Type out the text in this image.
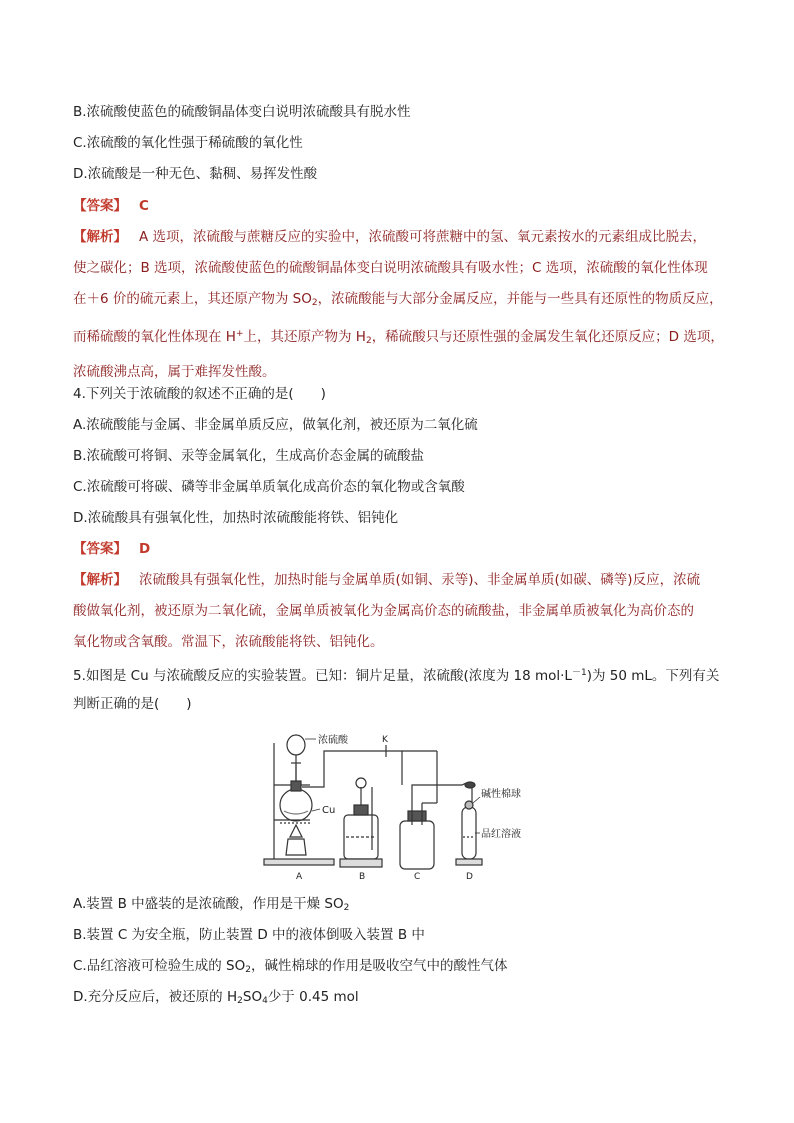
B.浓硫酸使蓝色的硫酸铜晶体变白说明浓硫酸具有脱水性
C.浓硫酸的氧化性强于稀硫酸的氧化性
D.浓硫酸是一种无色、黏稠、易挥发性酸
【答案】 C
【解析】 A 选项，浓硫酸与蔗糖反应的实验中，浓硫酸可将蔗糖中的氢、氧元素按水的元素组成比脱去，
使之碳化；B 选项，浓硫酸使蓝色的硫酸铜晶体变白说明浓硫酸具有吸水性；C 选项，浓硫酸的氧化性体现
在＋6 价的硫元素上，其还原产物为 $SO_2$，浓硫酸能与大部分金属反应，并能与一些具有还原性的物质反应，
而稀硫酸的氧化性体现在 H+上，其还原产物为 $H_2$，稀硫酸只与还原性强的金属发生氧化还原反应；D 选项，
浓硫酸沸点高，属于难挥发性酸。
4.下列关于浓硫酸的叙述不正确的是(　　)
A.浓硫酸能与金属、非金属单质反应，做氧化剂，被还原为二氧化硫
B.浓硫酸可将铜、汞等金属氧化，生成高价态金属的硫酸盐
C.浓硫酸可将碳、磷等非金属单质氧化成高价态的氧化物或含氧酸
D.浓硫酸具有强氧化性，加热时浓硫酸能将铁、铝钝化
【答案】 D
【解析】 浓硫酸具有强氧化性，加热时能与金属单质(如铜、汞等)、非金属单质(如碳、磷等)反应，浓硫
酸做氧化剂，被还原为二氧化硫，金属单质被氧化为金属高价态的硫酸盐，非金属单质被氧化为高价态的
氧化物或含氧酸。常温下，浓硫酸能将铁、铝钝化。
5.如图是 Cu 与浓硫酸反应的实验装置。已知：铜片足量，浓硫酸(浓度为 18 $mol\cdot L^{-1}$)为 50 mL。下列有关
判断正确的是(　　)
浓硫酸	K
Cu
碱性棉球
品红溶液
A	B	C	D
A.装置 B 中盛装的是浓硫酸，作用是干燥 $SO_2$
B.装置 C 为安全瓶，防止装置 D 中的液体倒吸入装置 B 中
C.品红溶液可检验生成的 $SO_2$，碱性棉球的作用是吸收空气中的酸性气体
D.充分反应后，被还原的 $H_2SO_4$少于 0.45 mol
